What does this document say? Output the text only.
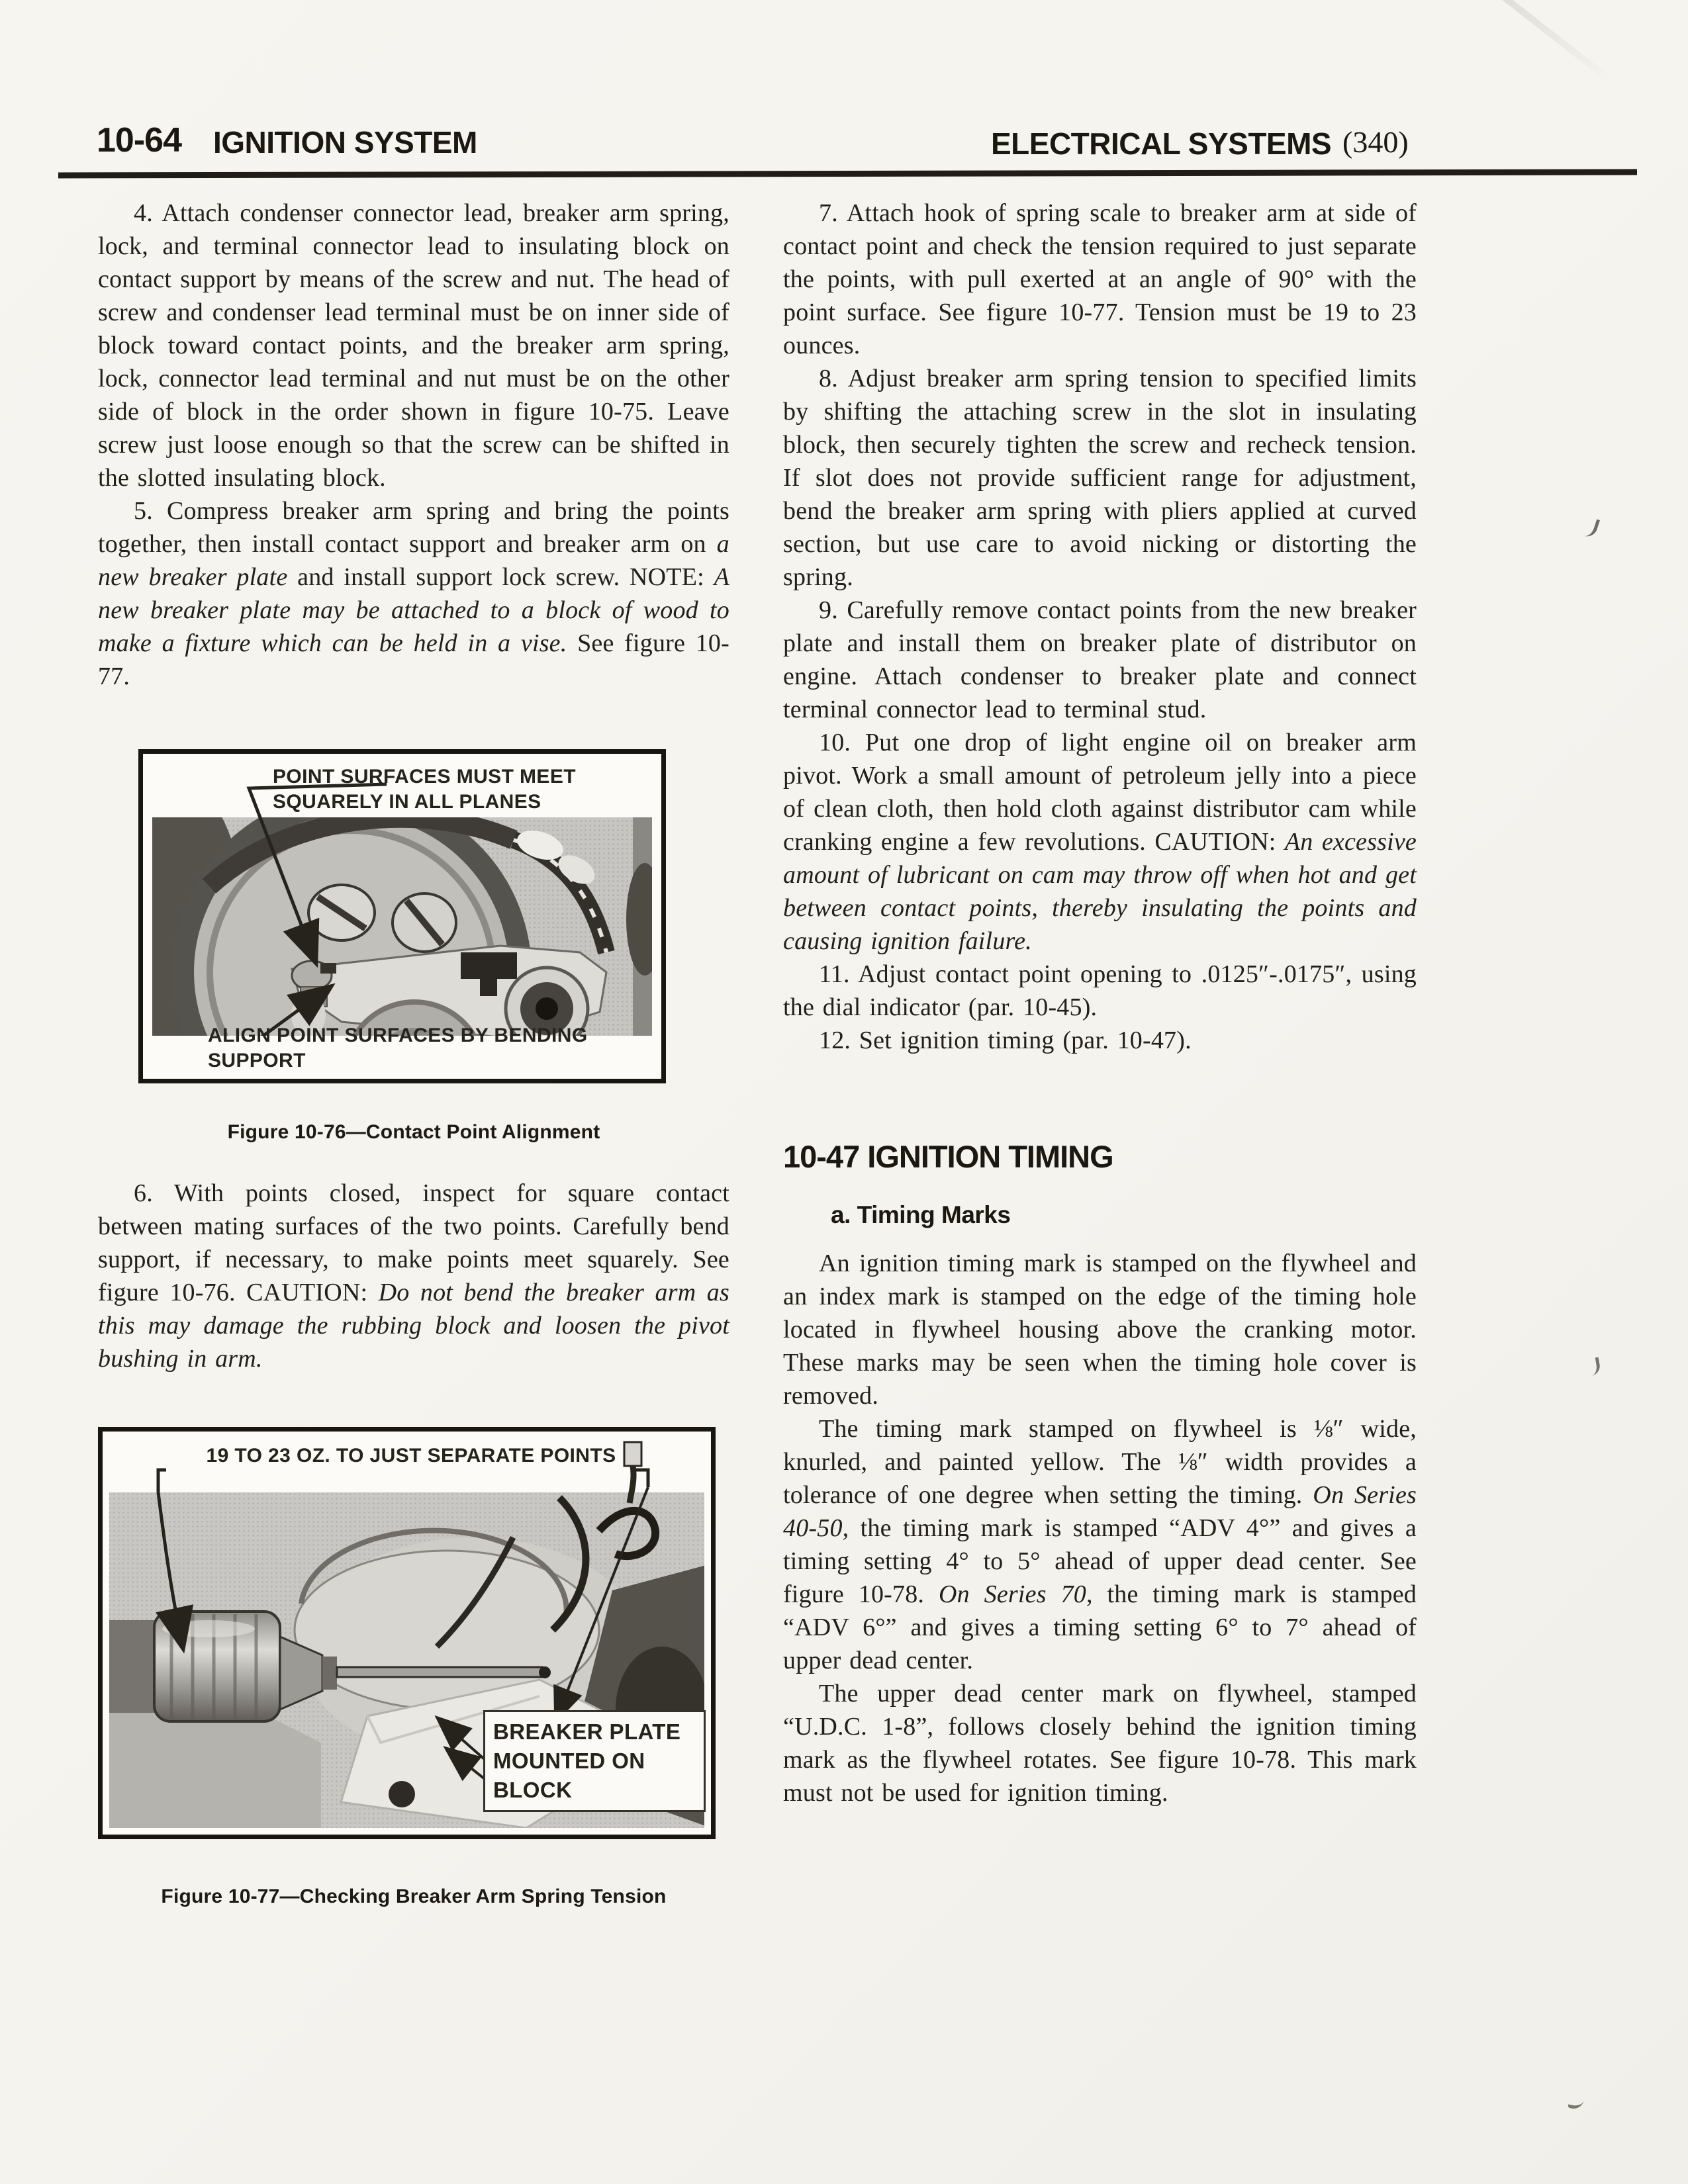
10-64 IGNITION SYSTEM	ELECTRICAL SYSTEMS (340)

4. Attach condenser connector lead, breaker arm spring, lock, and terminal connector lead to insulating block on contact support by means of the screw and nut. The head of screw and condenser lead terminal must be on inner side of block toward contact points, and the breaker arm spring, lock, connector lead terminal and nut must be on the other side of block in the order shown in figure 10-75. Leave screw just loose enough so that the screw can be shifted in the slotted insulating block.

5. Compress breaker arm spring and bring the points together, then install contact support and breaker arm on a new breaker plate and install support lock screw. NOTE: A new breaker plate may be attached to a block of wood to make a fixture which can be held in a vise. See figure 10-77.

POINT SURFACES MUST MEET SQUARELY IN ALL PLANES
ALIGN POINT SURFACES BY BENDING SUPPORT
Figure 10-76—Contact Point Alignment

6. With points closed, inspect for square contact between mating surfaces of the two points. Carefully bend support, if necessary, to make points meet squarely. See figure 10-76. CAUTION: Do not bend the breaker arm as this may damage the rubbing block and loosen the pivot bushing in arm.

19 TO 23 OZ. TO JUST SEPARATE POINTS
BREAKER PLATE MOUNTED ON BLOCK
Figure 10-77—Checking Breaker Arm Spring Tension

7. Attach hook of spring scale to breaker arm at side of contact point and check the tension required to just separate the points, with pull exerted at an angle of 90° with the point surface. See figure 10-77. Tension must be 19 to 23 ounces.

8. Adjust breaker arm spring tension to specified limits by shifting the attaching screw in the slot in insulating block, then securely tighten the screw and recheck tension. If slot does not provide sufficient range for adjustment, bend the breaker arm spring with pliers applied at curved section, but use care to avoid nicking or distorting the spring.

9. Carefully remove contact points from the new breaker plate and install them on breaker plate of distributor on engine. Attach condenser to breaker plate and connect terminal connector lead to terminal stud.

10. Put one drop of light engine oil on breaker arm pivot. Work a small amount of petroleum jelly into a piece of clean cloth, then hold cloth against distributor cam while cranking engine a few revolutions. CAUTION: An excessive amount of lubricant on cam may throw off when hot and get between contact points, thereby insulating the points and causing ignition failure.

11. Adjust contact point opening to .0125″-.0175″, using the dial indicator (par. 10-45).

12. Set ignition timing (par. 10-47).

10-47 IGNITION TIMING
a. Timing Marks

An ignition timing mark is stamped on the flywheel and an index mark is stamped on the edge of the timing hole located in flywheel housing above the cranking motor. These marks may be seen when the timing hole cover is removed.

The timing mark stamped on flywheel is ⅛″ wide, knurled, and painted yellow. The ⅛″ width provides a tolerance of one degree when setting the timing. On Series 40-50, the timing mark is stamped “ADV 4°” and gives a timing setting 4° to 5° ahead of upper dead center. See figure 10-78. On Series 70, the timing mark is stamped “ADV 6°” and gives a timing setting 6° to 7° ahead of upper dead center.

The upper dead center mark on flywheel, stamped “U.D.C. 1-8”, follows closely behind the ignition timing mark as the flywheel rotates. See figure 10-78. This mark must not be used for ignition timing.
